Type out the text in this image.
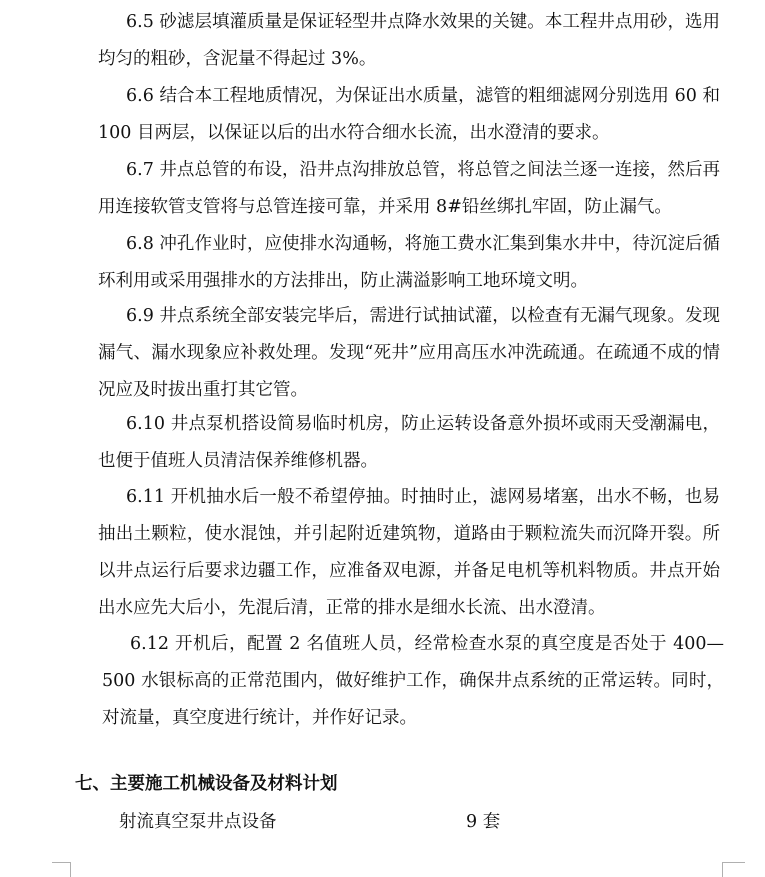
6.5 砂滤层填灌质量是保证轻型井点降水效果的关键。本工程井点用砂，选用均匀的粗砂，含泥量不得起过 3%。

6.6 结合本工程地质情况，为保证出水质量，滤管的粗细滤网分别选用 60 和 100 目两层，以保证以后的出水符合细水长流，出水澄清的要求。

6.7 井点总管的布设，沿井点沟排放总管，将总管之间法兰逐一连接，然后再用连接软管支管将与总管连接可靠，并采用 8#铅丝绑扎牢固，防止漏气。

6.8 冲孔作业时，应使排水沟通畅，将施工费水汇集到集水井中，待沉淀后循环利用或采用强排水的方法排出，防止满溢影响工地环境文明。

6.9 井点系统全部安装完毕后，需进行试抽试灌，以检查有无漏气现象。发现漏气、漏水现象应补救处理。发现“死井”应用高压水冲洗疏通。在疏通不成的情况应及时拔出重打其它管。

6.10 井点泵机搭设简易临时机房，防止运转设备意外损坏或雨天受潮漏电，也便于值班人员清洁保养维修机器。

6.11 开机抽水后一般不希望停抽。时抽时止，滤网易堵塞，出水不畅，也易抽出土颗粒，使水混蚀，并引起附近建筑物，道路由于颗粒流失而沉降开裂。所以井点运行后要求边疆工作，应准备双电源，并备足电机等机料物质。井点开始出水应先大后小，先混后清，正常的排水是细水长流、出水澄清。

6.12 开机后，配置 2 名值班人员，经常检查水泵的真空度是否处于 400—500 水银标高的正常范围内，做好维护工作，确保井点系统的正常运转。同时，对流量，真空度进行统计，并作好记录。

七、主要施工机械设备及材料计划
射流真空泵井点设备	9 套
